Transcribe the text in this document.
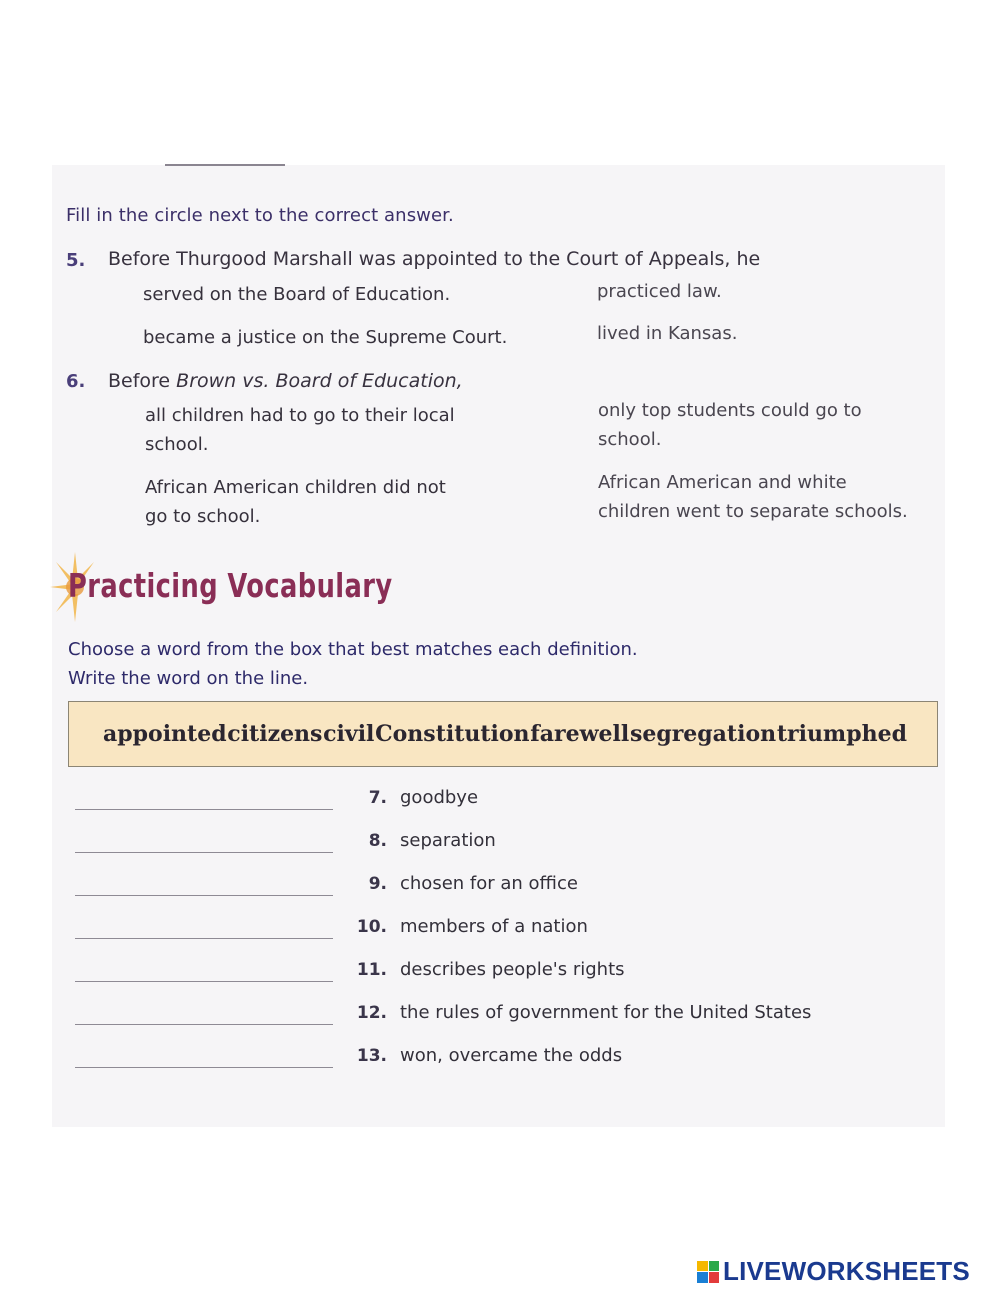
Fill in the circle next to the correct answer.
5. Before Thurgood Marshall was appointed to the Court of Appeals, he
served on the Board of Education.	practiced law.
became a justice on the Supreme Court.	lived in Kansas.
6. Before Brown vs. Board of Education,
all children had to go to their local
school.
only top students could go to
school.
African American children did not
go to school.
African American and white
children went to separate schools.
Practicing Vocabulary
Choose a word from the box that best matches each definition.
Write the word on the line.
appointed citizens civil Constitution farewell segregation triumphed
7. goodbye
8. separation
9. chosen for an office
10. members of a nation
11. describes people's rights
12. the rules of government for the United States
13. won, overcame the odds
LIVEWORKSHEETS
